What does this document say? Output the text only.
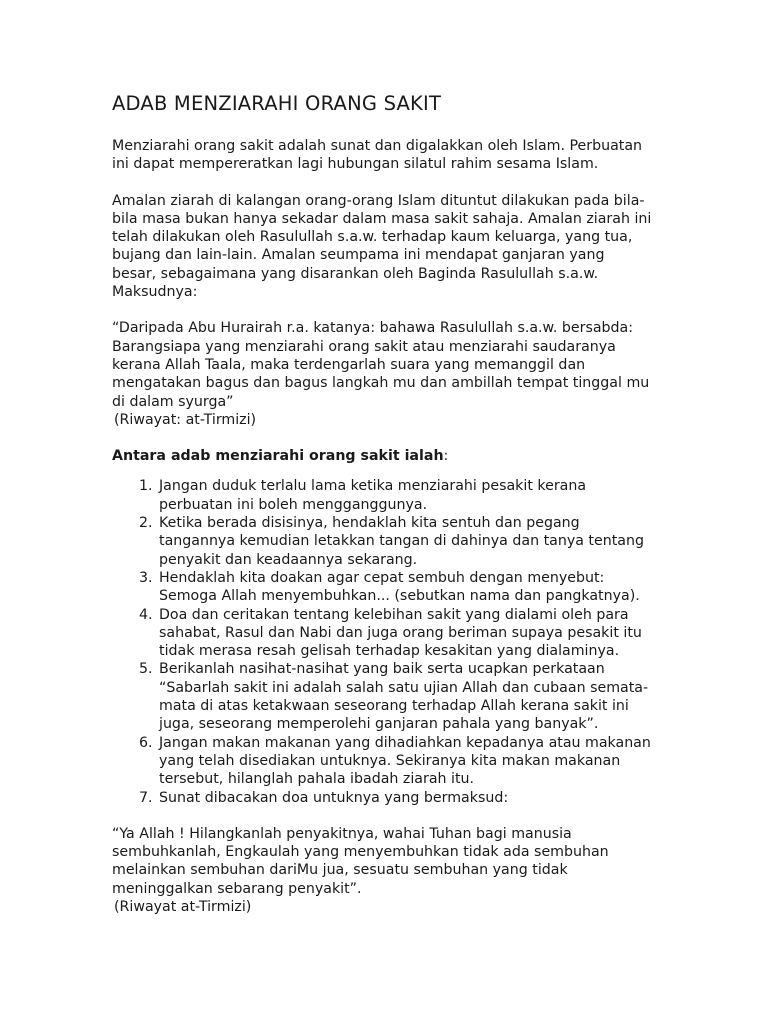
ADAB MENZIARAHI ORANG SAKIT

Menziarahi orang sakit adalah sunat dan digalakkan oleh Islam. Perbuatan ini dapat mempereratkan lagi hubungan silatul rahim sesama Islam.

Amalan ziarah di kalangan orang-orang Islam dituntut dilakukan pada bila-bila masa bukan hanya sekadar dalam masa sakit sahaja. Amalan ziarah ini telah dilakukan oleh Rasulullah s.a.w. terhadap kaum keluarga, yang tua, bujang dan lain-lain. Amalan seumpama ini mendapat ganjaran yang besar, sebagaimana yang disarankan oleh Baginda Rasulullah s.a.w. Maksudnya:

“Daripada Abu Hurairah r.a. katanya: bahawa Rasulullah s.a.w. bersabda: Barangsiapa yang menziarahi orang sakit atau menziarahi saudaranya kerana Allah Taala, maka terdengarlah suara yang memanggil dan mengatakan bagus dan bagus langkah mu dan ambillah tempat tinggal mu di dalam syurga”

(Riwayat: at-Tirmizi)

Antara adab menziarahi orang sakit ialah:

1. Jangan duduk terlalu lama ketika menziarahi pesakit kerana perbuatan ini boleh mengganggunya.
2. Ketika berada disisinya, hendaklah kita sentuh dan pegang tangannya kemudian letakkan tangan di dahinya dan tanya tentang penyakit dan keadaannya sekarang.
3. Hendaklah kita doakan agar cepat sembuh dengan menyebut: Semoga Allah menyembuhkan... (sebutkan nama dan pangkatnya).
4. Doa dan ceritakan tentang kelebihan sakit yang dialami oleh para sahabat, Rasul dan Nabi dan juga orang beriman supaya pesakit itu tidak merasa resah gelisah terhadap kesakitan yang dialaminya.
5. Berikanlah nasihat-nasihat yang baik serta ucapkan perkataan “Sabarlah sakit ini adalah salah satu ujian Allah dan cubaan semata-mata di atas ketakwaan seseorang terhadap Allah kerana sakit ini juga, seseorang memperolehi ganjaran pahala yang banyak”.
6. Jangan makan makanan yang dihadiahkan kepadanya atau makanan yang telah disediakan untuknya. Sekiranya kita makan makanan tersebut, hilanglah pahala ibadah ziarah itu.
7. Sunat dibacakan doa untuknya yang bermaksud:

“Ya Allah ! Hilangkanlah penyakitnya, wahai Tuhan bagi manusia sembuhkanlah, Engkaulah yang menyembuhkan tidak ada sembuhan melainkan sembuhan dariMu jua, sesuatu sembuhan yang tidak meninggalkan sebarang penyakit”.

(Riwayat at-Tirmizi)
